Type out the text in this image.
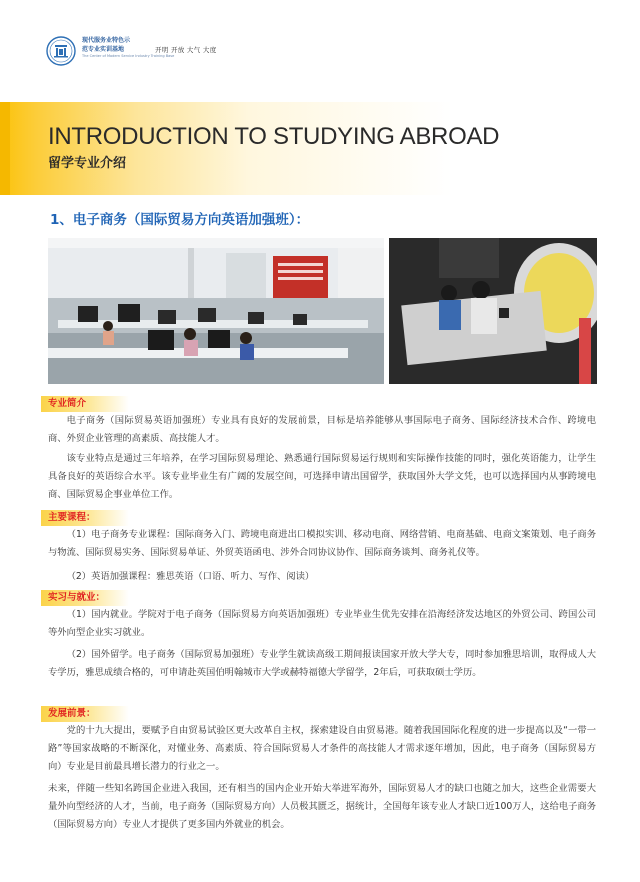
现代服务业特色示
范专业实训基地
The Center of Modern Service Industry Training Base
开明 开放 大气 大度
INTRODUCTION TO STUDYING ABROAD
留学专业介绍
1、电子商务（国际贸易方向英语加强班）：
专业简介
电子商务（国际贸易英语加强班）专业具有良好的发展前景，目标是培养能够从事国际电子商务、国际经济技术合作、跨境电商、外贸企业管理的高素质、高技能人才。
该专业特点是通过三年培养，在学习国际贸易理论、熟悉通行国际贸易运行规则和实际操作技能的同时，强化英语能力，让学生具备良好的英语综合水平。该专业毕业生有广阔的发展空间，可选择申请出国留学，获取国外大学文凭，也可以选择国内从事跨境电商、国际贸易企事业单位工作。
主要课程：
（1）电子商务专业课程：国际商务入门、跨境电商进出口模拟实训、移动电商、网络营销、电商基础、电商文案策划、电子商务与物流、国际贸易实务、国际贸易单证、外贸英语函电、涉外合同协议协作、国际商务谈判、商务礼仪等。
（2）英语加强课程：雅思英语（口语、听力、写作、阅读）
实习与就业：
（1）国内就业。学院对于电子商务（国际贸易方向英语加强班）专业毕业生优先安排在沿海经济发达地区的外贸公司、跨国公司等外向型企业实习就业。
（2）国外留学。电子商务（国际贸易加强班）专业学生就读高级工期间报读国家开放大学大专，同时参加雅思培训，取得成人大专学历，雅思成绩合格的，可申请赴英国伯明翰城市大学或赫特福德大学留学，2年后，可获取硕士学历。
发展前景：
党的十九大提出，要赋予自由贸易试验区更大改革自主权，探索建设自由贸易港。随着我国国际化程度的进一步提高以及“一带一路”等国家战略的不断深化，对懂业务、高素质、符合国际贸易人才条件的高技能人才需求逐年增加，因此，电子商务（国际贸易方向）专业是目前最具增长潜力的行业之一。
未来，伴随一些知名跨国企业进入我国，还有相当的国内企业开始大举进军海外，国际贸易人才的缺口也随之加大，这些企业需要大量外向型经济的人才，当前，电子商务（国际贸易方向）人员极其匮乏，据统计，全国每年该专业人才缺口近100万人，这给电子商务（国际贸易方向）专业人才提供了更多国内外就业的机会。
